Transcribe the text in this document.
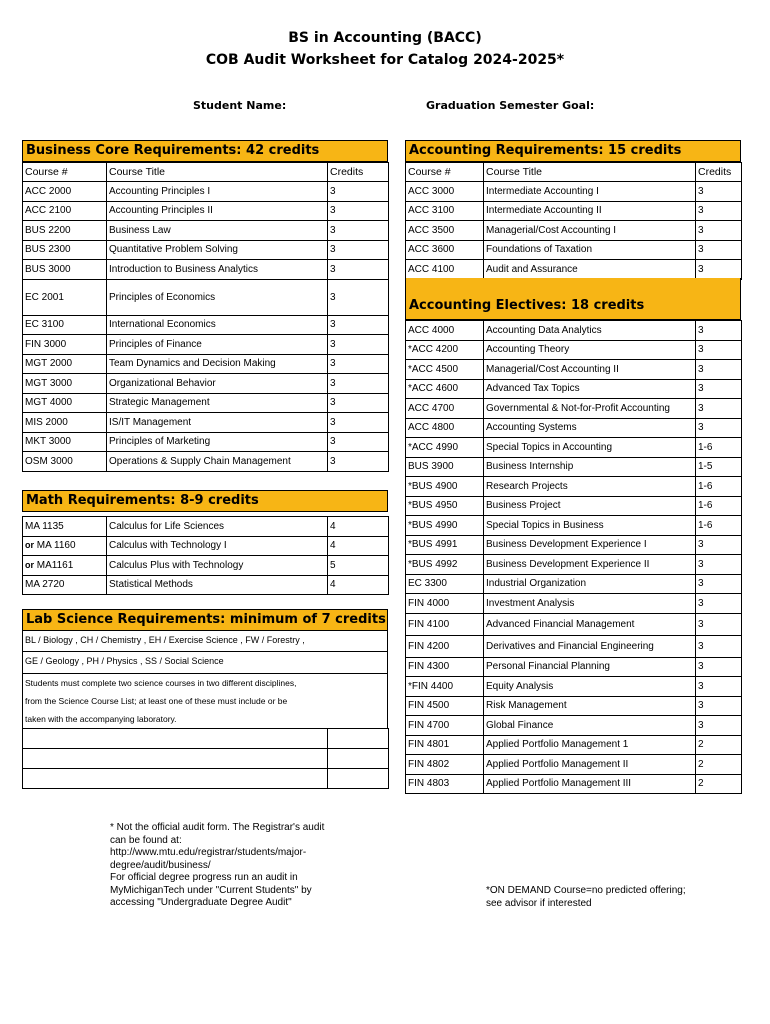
BS in Accounting (BACC)
COB Audit Worksheet for Catalog 2024-2025*
Student Name:	Graduation Semester Goal:
Business Core Requirements: 42 credits
Course #	Course Title	Credits
ACC 2000	Accounting Principles I	3
ACC 2100	Accounting Principles II	3
BUS 2200	Business Law	3
BUS 2300	Quantitative Problem Solving	3
BUS 3000	Introduction to Business Analytics	3
EC 2001	Principles of Economics	3
EC 3100	International Economics	3
FIN 3000	Principles of Finance	3
MGT 2000	Team Dynamics and Decision Making	3
MGT 3000	Organizational Behavior	3
MGT 4000	Strategic Management	3
MIS 2000	IS/IT Management	3
MKT 3000	Principles of Marketing	3
OSM 3000	Operations & Supply Chain Management	3
Math Requirements: 8-9 credits
MA 1135	Calculus for Life Sciences	4
or MA 1160	Calculus with Technology I	4
or MA1161	Calculus Plus with Technology	5
MA 2720	Statistical Methods	4
Lab Science Requirements: minimum of 7 credits
BL / Biology , CH / Chemistry , EH / Exercise Science , FW / Forestry ,
GE / Geology , PH / Physics , SS / Social Science
Students must complete two science courses in two different disciplines,
from the Science Course List; at least one of these must include or be
taken with the accompanying laboratory.

Accounting Requirements: 15 credits
Course #	Course Title	Credits
ACC 3000	Intermediate Accounting I	3
ACC 3100	Intermediate Accounting II	3
ACC 3500	Managerial/Cost Accounting I	3
ACC 3600	Foundations of Taxation	3
ACC 4100	Audit and Assurance	3
Accounting Electives: 18 credits
ACC 4000	Accounting Data Analytics	3
*ACC 4200	Accounting Theory	3
*ACC 4500	Managerial/Cost Accounting II	3
*ACC 4600	Advanced Tax Topics	3
ACC 4700	Governmental & Not-for-Profit Accounting	3
ACC 4800	Accounting Systems	3
*ACC 4990	Special Topics in Accounting	1-6
BUS 3900	Business Internship	1-5
*BUS 4900	Research Projects	1-6
*BUS 4950	Business Project	1-6
*BUS 4990	Special Topics in Business	1-6
*BUS 4991	Business Development Experience I	3
*BUS 4992	Business Development Experience II	3
EC 3300	Industrial Organization	3
FIN 4000	Investment Analysis	3
FIN 4100	Advanced Financial Management	3
FIN 4200	Derivatives and Financial Engineering	3
FIN 4300	Personal Financial Planning	3
*FIN 4400	Equity Analysis	3
FIN 4500	Risk Management	3
FIN 4700	Global Finance	3
FIN 4801	Applied Portfolio Management 1	2
FIN 4802	Applied Portfolio Management II	2
FIN 4803	Applied Portfolio Management III	2
* Not the official audit form. The Registrar's audit
can be found at:
http://www.mtu.edu/registrar/students/major-
degree/audit/business/
For official degree progress run an audit in
MyMichiganTech under "Current Students" by
accessing "Undergraduate Degree Audit"
*ON DEMAND Course=no predicted offering;
see advisor if interested
